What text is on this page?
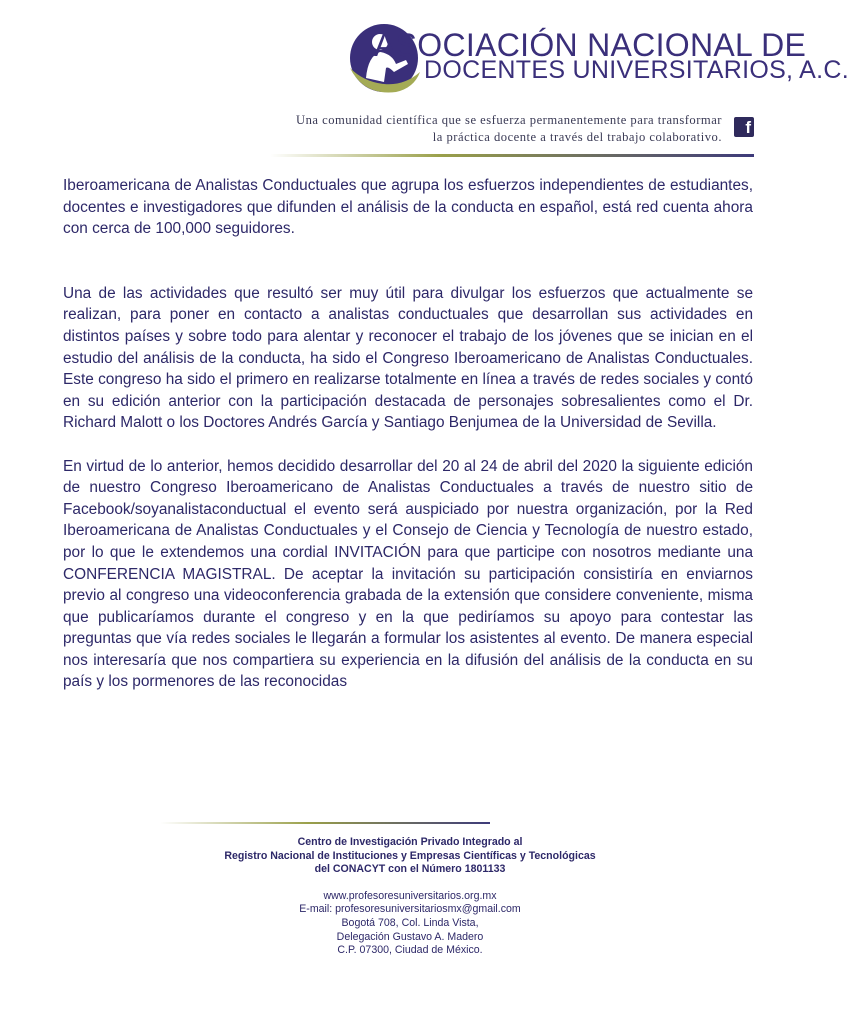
ASOCIACIÓN NACIONAL DE
DOCENTES UNIVERSITARIOS, A.C.
Una comunidad científica que se esfuerza permanentemente para transformar
la práctica docente a través del trabajo colaborativo.	f

Iberoamericana de Analistas Conductuales que agrupa los esfuerzos independientes de estudiantes, docentes e investigadores que difunden el análisis de la conducta en español, está red cuenta ahora con cerca de 100,000 seguidores.

Una de las actividades que resultó ser muy útil para divulgar los esfuerzos que actualmente se realizan, para poner en contacto a analistas conductuales que desarrollan sus actividades en distintos países y sobre todo para alentar y reconocer el trabajo de los jóvenes que se inician en el estudio del análisis de la conducta, ha sido el Congreso Iberoamericano de Analistas Conductuales. Este congreso ha sido el primero en realizarse totalmente en línea a través de redes sociales y contó en su edición anterior con la participación destacada de personajes sobresalientes como el Dr. Richard Malott o los Doctores Andrés García y Santiago Benjumea de la Universidad de Sevilla.

En virtud de lo anterior, hemos decidido desarrollar del 20 al 24 de abril del 2020 la siguiente edición de nuestro Congreso Iberoamericano de Analistas Conductuales a través de nuestro sitio de Facebook/soyanalistaconductual el evento será auspiciado por nuestra organización, por la Red Iberoamericana de Analistas Conductuales y el Consejo de Ciencia y Tecnología de nuestro estado, por lo que le extendemos una cordial INVITACIÓN para que participe con nosotros mediante una CONFERENCIA MAGISTRAL. De aceptar la invitación su participación consistiría en enviarnos previo al congreso una videoconferencia grabada de la extensión que considere conveniente, misma que publicaríamos durante el congreso y en la que pediríamos su apoyo para contestar las preguntas que vía redes sociales le llegarán a formular los asistentes al evento. De manera especial nos interesaría que nos compartiera su experiencia en la difusión del análisis de la conducta en su país y los pormenores de las reconocidas

Centro de Investigación Privado Integrado al
Registro Nacional de Instituciones y Empresas Científicas y Tecnológicas
del CONACYT con el Número 1801133
www.profesoresuniversitarios.org.mx
E-mail: profesoresuniversitariosmx@gmail.com
Bogotá 708, Col. Linda Vista,
Delegación Gustavo A. Madero
C.P. 07300, Ciudad de México.
